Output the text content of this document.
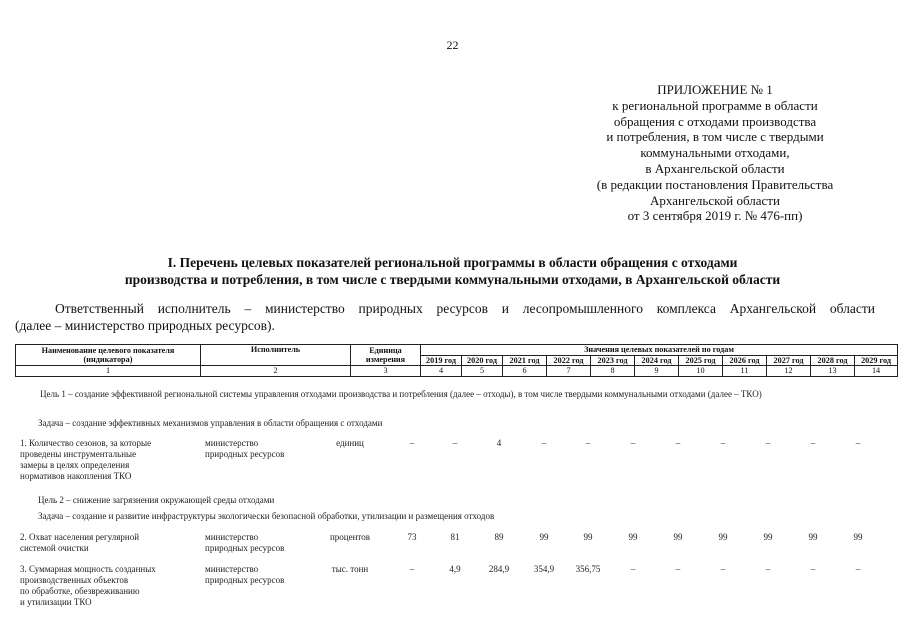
22
ПРИЛОЖЕНИЕ № 1
к региональной программе в области
обращения с отходами производства
и потребления, в том числе с твердыми
коммунальными отходами,
в Архангельской области
(в редакции постановления Правительства
Архангельской области
от 3 сентября 2019 г. № 476-пп)
I. Перечень целевых показателей региональной программы в области обращения с отходами
производства и потребления, в том числе с твердыми коммунальными отходами, в Архангельской области
Ответственный исполнитель – министерство природных ресурсов и лесопромышленного комплекса Архангельской области
(далее – министерство природных ресурсов).
Наименование целевого показателя (индикатора)	Исполнитель	Единица измерения	Значения целевых показателей по годам										
			2019 год	2020 год	2021 год	2022 год	2023 год	2024 год	2025 год	2026 год	2027 год	2028 год	2029 год
1	2	3	4	5	6	7	8	9	10	11	12	13	14
Цель 1 – создание эффективной региональной системы управления отходами производства и потребления (далее – отходы), в том числе твердыми коммунальными отходами (далее – ТКО)
Задача – создание эффективных механизмов управления в области обращения с отходами
1. Количество сезонов, за которые
проведены инструментальные
замеры в целях определения
нормативов накопления ТКО
министерство
природных ресурсов
единиц	–	–	4	–	–	–	–	–	–	–	–
Цель 2 – снижение загрязнения окружающей среды отходами
Задача – создание и развитие инфраструктуры экологически безопасной обработки, утилизации и размещения отходов
2. Охват населения регулярной
системой очистки
министерство
природных ресурсов
процентов	73	81	89	99	99	99	99	99	99	99	99
3. Суммарная мощность созданных
производственных объектов
по обработке, обезвреживанию
и утилизации ТКО
министерство
природных ресурсов
тыс. тонн	–	4,9	284,9	354,9	356,75	–	–	–	–	–	–
